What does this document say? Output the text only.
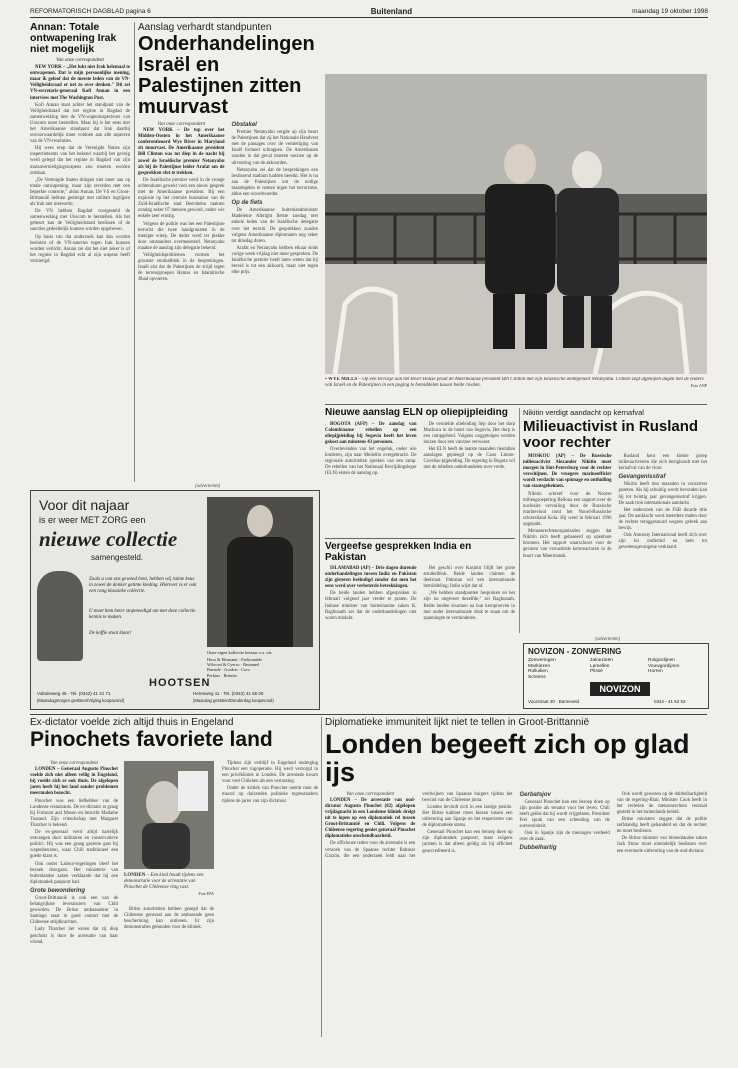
REFORMATORISCH DAGBLAD pagina 6	Buitenland	maandag 19 oktober 1998
Annan: Totale ontwapening Irak niet mogelijk
Van onze correspondent

NEW YORK – „Het lukt niet Irak helemaal te ontwapenen. Dat is mijn persoonlijke mening, maar ik geloof dat de meeste leden van de VN-Veiligheidsraad er net zo over denken." Dit zei VN-secretaris-generaal Kofi Annan in een interview met The Washington Post.

Kofi Annan staat achter het standpunt van de Veiligheidsraad dat het regime in Bagdad de samenwerking met de VN-wapeninspecteurs van Unscom moet herstellen. Maar hij is het eens met het Amerikaanse standpunt dat Irak daarbij onvoorwaardelijk moet voldoen aan alle aspecten van de VN-resoluties.

Hij wees erop dat de Verenigde Naties zijn inspectieteams van het bekend waarbij het gevolg werd gelegd dat het regime in Bagdad van zijn massavernietigingswapens zou moeten worden ontdaan.

„De Verenigde Staten dringen niet meer aan op totale ontwapening, maar zijn tevreden met een beperkte controle," aldus Annan. De VS en Groot-Brittannië hebben gedreigd met militair ingrijpen als Irak niet meewerkt.

De VN hebben Bagdad voorgesteld de samenwerking met Unscom te herstellen. Als het gebeurt kan de Veiligheidsraad beslissen of de sancties gedeeltelijk kunnen worden opgeheven.

Op basis van dat onderzoek kan dan worden besloten of de VN-sancties tegen Irak kunnen worden verlicht. Annan zei dat het niet zeker is of het regime in Bagdad echt al zijn wapens heeft vernietigd.

Aanslag verhardt standpunten
Onderhandelingen Israël en Palestijnen zitten muurvast
Van onze correspondent

NEW YORK – De top over het Midden-Oosten in het Amerikaanse conferentieoord Wye River in Maryland zit muurvast. De Amerikaanse president Bill Clinton was tot diep in de nacht bij zowel de Israëlische premier Netanyahu als bij de Palestijnse leider Arafat om de gesprekken vlot te trekken.

De Israëlische premier werd in de vroege ochtenduren gewekt voor een nieuw gesprek met de Amerikaanse president. Bij een explosie op het centrale busstation van de Zuid-Israëlische stad Beersheba raakten zondag zeker 67 mensen gewond, onder wie enkele zeer ernstig.

Volgens de politie was het een Palestijnse terrorist die twee handgranaten in de menigte wierp. De dader werd ter plekke door omstanders overmeesterd. Netanyahu maakte de aanslag zijn delegatie bekend.

Veiligheidsproblemen vormen het grootste struikelblok in de besprekingen. Israël eist dat de Palestijnen de strijd tegen de terreurgroepen Hamas en Islamitische Jihad opvoeren.

Obstakel

Premier Netanyahu vergde op zijn beurt de Palestijnen dat zij het Nationale Handvest met de passages over de vernietiging van Israël formeel schrappen. De Amerikanen zouden in dat geval moeten toezien op de uitvoering van de akkoorden.

Netanyahu zei dat de besprekingen een beslissend stadium hadden bereikt. Het is nu aan de Palestijnen om de nodige maatregelen te nemen tegen het terrorisme, aldus een woordvoerder.

Op de fiets

De Amerikaanse buitenlandminister Madeleine Albright fietste zondag met enkele leden van de Israëlische delegatie over het terrein. De gesprekken zouden volgens Amerikaanse diplomaten nog zeker tot dinsdag duren.

Arafat en Netanyahu hebben elkaar sinds vorige week vrijdag niet meer gesproken. De Israëlische premier heeft laten weten dat hij bereid is tot een akkoord, maar niet tegen elke prijs.

▪ WYE MILLS – Op een terrasje aan het River House praat de Amerikaanse president Bill Clinton met zijn Israëlische ambtgenoot Netanyahu. Clinton zegt afgelopen dagen met de leiders van Israël en de Palestijnen in een poging te bemiddelen tussen beide rivalen.	Foto ANP
Nieuwe aanslag ELN op oliepijpleiding

BOGOTA (AFP) – De aanslag van Colombiaanse rebellen op een oliepijpleiding bij Segovia heeft het leven gekost aan minstens 43 personen.

Overlevenden van het ongeluk, onder wie kinderen, zijn naar Medellín overgebracht. De regionale autoriteiten spreken van een ramp. De rebellen van het Nationaal Bevrijdingsleger (ELN) eisten de aanslag op.

De vernielde olieleiding liep door het dorp Machuca in de buurt van Segovia. Het dorp is een rampgebied. Volgens ooggetuigen werden huizen door een vuurzee verwoest.

Het ELN heeft de laatste maanden tientallen aanslagen gepleegd op de Cano Limon-Coveñas-pijpleiding. De regering in Bogota wil met de rebellen onderhandelen over vrede.

Vergeefse gesprekken India en Pakistan

ISLAMABAD (AP) – Drie dagen durende onderhandelingen tussen India en Pakistan zijn gisteren beëindigd zonder dat men het eens werd over verbeterde betrekkingen.

De beide landen hebben afgesproken in februari volgend jaar verder te praten. De Indiase minister van buitenlandse zaken K. Raghunath zei dat de onderhandelingen niet waren mislukt.

Het geschil over Kasjmir blijft het grote struikelblok. Beide landen claimen de deelstaat. Pakistan wil een internationale bemiddeling; India wijst dat af.

„We hebben standpunten besproken en het zijn nu ongeveer dezelfde," zei Raghunath. Beide landen kwamen na hun kernproeven in mei onder internationale druk te staan om de spanningen te verminderen.

Nikitin verdigt aandacht op kernafval
Milieuactivist in Rusland voor rechter

MOSKOU (AP) – De Russische milieuactivist Alexander Nikitin moet morgen in Sint-Petersburg voor de rechter verschijnen. De vroegere marineofficier wordt verdacht van spionage en onthulling van staatsgeheimen.

Nikitin schreef voor de Noorse milieugroepering Bellona een rapport over de nucleaire vervuiling door de Russische marinevloot rond het Noord-Russische schiereiland Kola. Hij werd in februari 1996 opgepakt.

Mensenrechtenorganisaties zeggen dat Nikitin zich heeft gebaseerd op openbare bronnen. Het rapport waarschuwt voor de gevaren van verouderde kernreactoren in de buurt van Moermansk.

Rusland kent een kleine groep milieuactivisten die zich bezighoudt met het kernafval van de vloot.

Gevangenisstraf

Nikitin heeft tien maanden in voorarrest gezeten. Als hij schuldig wordt bevonden kan hij tot twintig jaar gevangenisstraf krijgen. De zaak trok internationale aandacht.

Het onderzoek van de FSB duurde drie jaar. De aanklacht werd meerdere malen door de rechter teruggestuurd wegens gebrek aan bewijs.

Ook Amnesty International heeft zich over zijn lot ontfermd en hem tot gewetensgevangene verklaard.

(advertentie)
NOVIZON - ZONWERING
Zonweringen
Markiezen
Rolluiken
Screens
Jaloezieën
Lamellen
Plissé
Rolgordijnen
Vouwgordijnen
Horren
NOVIZON
Voorstraat 40 · Barneveld	0342 - 41 52 52
(advertentie)
Voor dit najaar
is er weer MET ZORG een
nieuwe collectie
samengesteld.
Zoals u van ons gewend bent, hebben wij ruime keus in zowel de donker getinte kleding. Hierover is er ook een rang klassieke collectie.
U moet hem beter stopmeedigd om met deze collectie kennis te maken.
De koffie staat klaar!
Onze eigen kollectie bestaat o.a. uit:
Hoso & Hermann · Fashionable
Wilvorst & Cyerso · Brummel
Burnole · Gordon · Coro
Perkins · Roberts
HOOTSEN
Voltaireweg 46 · Tel. (0342) 41 21 71
(Maandagmorgen gesloten/Vrijdag koopavond)
Herenweg 11 · Tel. (0342) 41 65 00
(Maandag gesloten/Donderdag koopavond)
Ex-dictator voelde zich altijd thuis in Engeland
Pinochets favoriete land
Van onze correspondent

LONDEN – Generaal Augusto Pinochet voelde zich niet alleen veilig in Engeland, hij voelde zich er ook thuis. De afgelopen jaren heeft hij het land zonder problemen meermalen bezocht.

Pinochet was een liefhebber van de Londense restaurants. De ex-dictator at graag bij Fortnum and Mason en bezocht Madame Tussaud. Zijn vriendschap met Margaret Thatcher is bekend.

De ex-generaal werd altijd hartelijk ontvangen door militairen en conservatieve politici. Hij was een graag geziene gast bij wapenbeurzen, waar Chili traditioneel een goede klant is.

Ook onder Labour-regeringen bleef het bezoek doorgaan. Het ministerie van buitenlandse zaken verklaarde dat hij een diplomatiek paspoort had.

Grote bewondering

Groot-Brittannië is ook een van de belangrijkste leveranciers van Chili geworden. De Britse ambassadeur in Santiago staat in goed contact met de Chileense strijdkrachten.

Lady Thatcher liet weten dat zij diep geschokt is door de arrestatie van haar vriend.

LONDEN – Een kind houdt tijdens een demonstratie voor de arrestatie van Pinochet de Chileense vlag vast.
Foto EPA

Britse autoriteiten hebben gezegd dat de Chileense generaal aan de ambassade geen bescherming kan ontlenen. Er zijn demonstraties gehouden voor de kliniek.

Tijdens zijn verblijf in Engeland onderging Pinochet een rugoperatie. Hij werd verzorgd in een privékliniek in Londen. De arrestatie kwam voor veel Chilenen als een verrassing.

Onder de kritiek van Pinochet noemt men de moord op duizenden politieke tegenstanders tijdens de jaren van zijn dictatuur.

Diplomatieke immuniteit lijkt niet te tellen in Groot-Brittannië
Londen begeeft zich op glad ijs
Van onze correspondent

LONDEN – De arrestatie van oud-dictator Augusto Pinochet (82) afgelopen vrijdagnacht in een Londense kliniek dreigt uit te lopen op een diplomatiek rel tussen Groot-Brittannië en Chili. Volgens de Chileense regering geniet generaal Pinochet diplomatieke onschendbaarheid.

De officieuze reden voor de arrestatie is een verzoek van de Spaanse rechter Baltasar Garzón, die een onderzoek leidt naar het verdwijnen van Spaanse burgers tijdens het bewind van de Chileense junta.

Londen bevindt zich in een lastige positie. Het Britse kabinet moet kiezen tussen een uitlevering aan Spanje en het respecteren van de diplomatieke status.

Generaal Pinochet kan een beroep doen op zijn diplomatiek paspoort, maar volgens juristen is dat alleen geldig als hij officieel geaccrediteerd is.

Gerbatsjov

Generaal Pinochet kan een beroep doen op zijn positie als senator voor het leven. Chili heeft geëist dat hij wordt vrijgelaten. President Frei sprak van een schending van de soevereiniteit.

Ook in Spanje zijn de meningen verdeeld over de zaak.

Dubbelhartig

Ook wordt gewezen op de dubbelhartigheid van de regering-Blair. Minister Cook heeft in het verleden de mensenrechten centraal gesteld in het buitenlands beleid.

Britse ministers zeggen dat de politie zelfstandig heeft gehandeld en dat de rechter nu moet beslissen.

De Britse minister van binnenlandse zaken Jack Straw moet uiteindelijk beslissen over een eventuele uitlevering van de oud-dictator.
